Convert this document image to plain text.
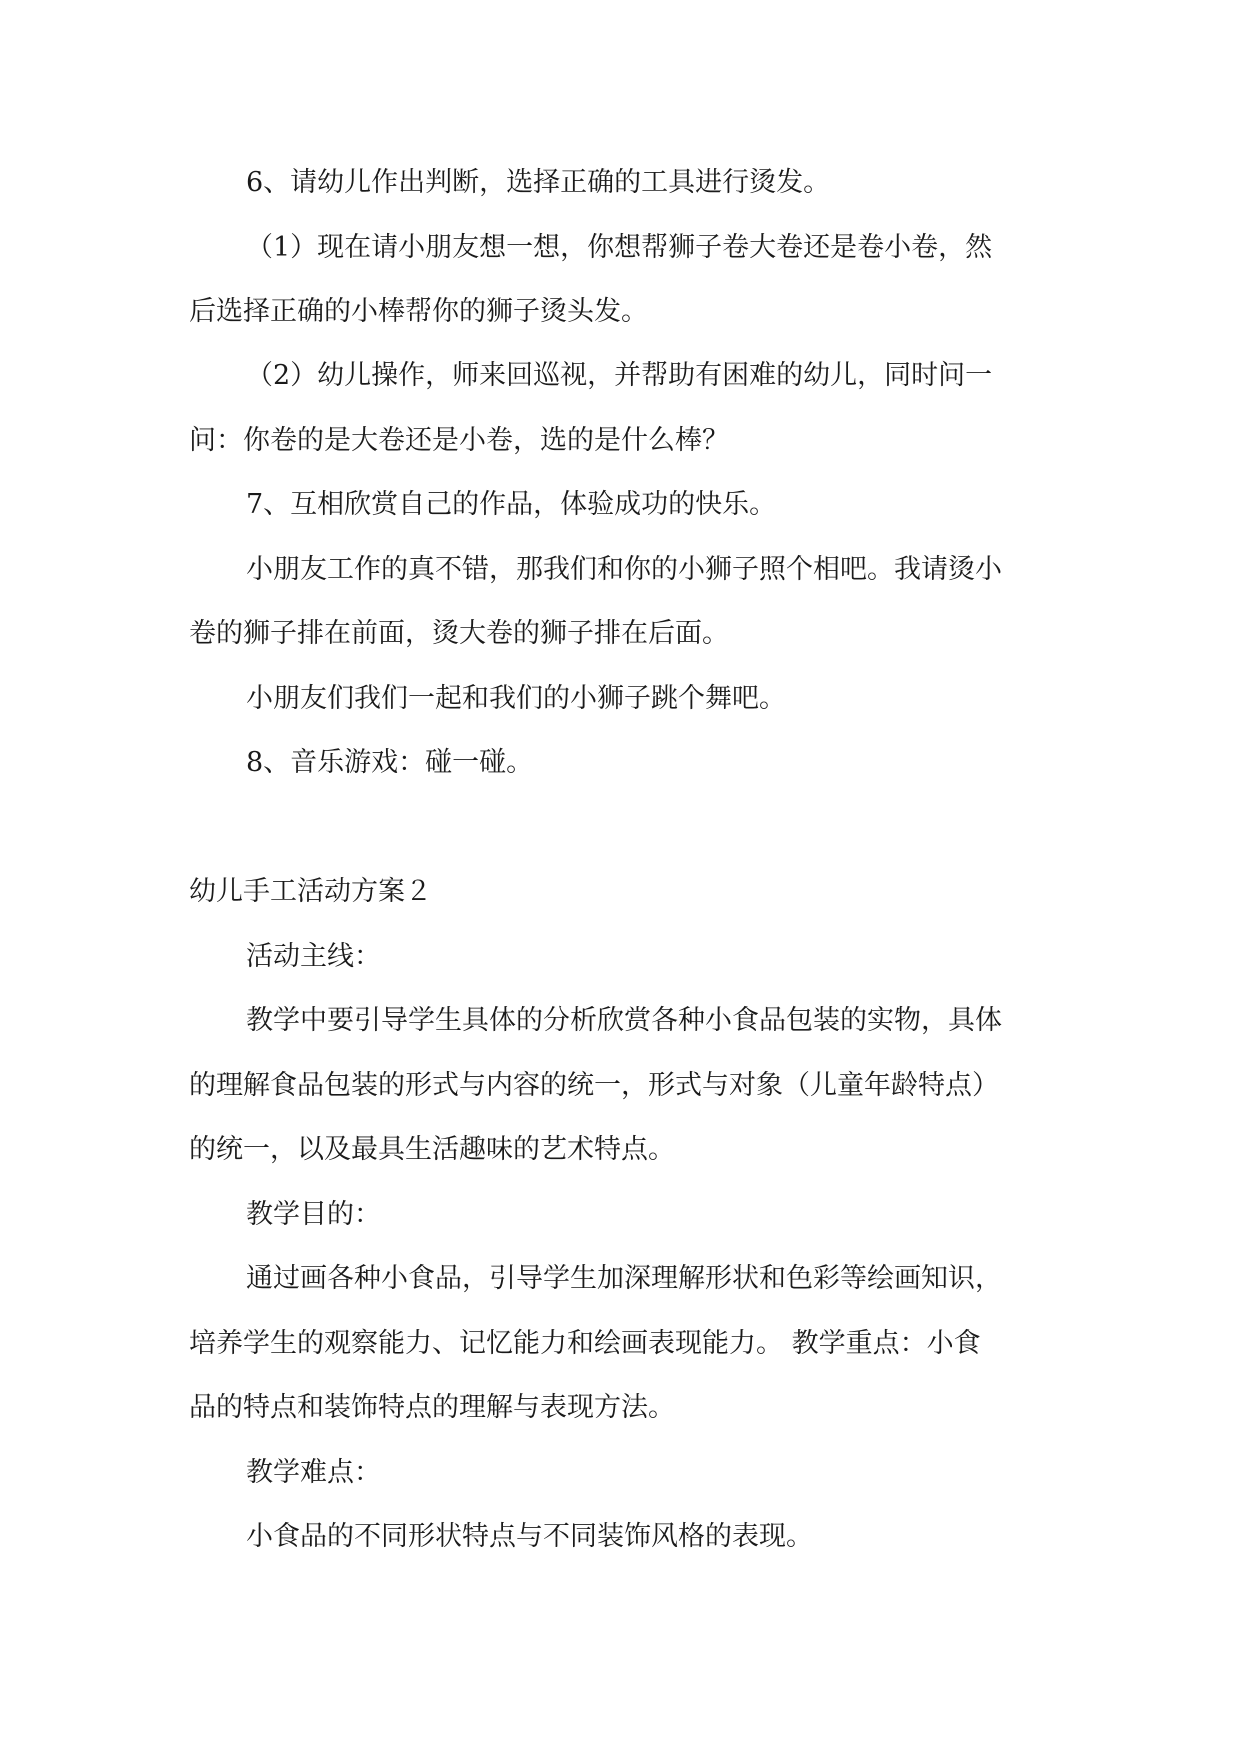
6、请幼儿作出判断，选择正确的工具进行烫发。
（1）现在请小朋友想一想，你想帮狮子卷大卷还是卷小卷，然
后选择正确的小棒帮你的狮子烫头发。
（2）幼儿操作，师来回巡视，并帮助有困难的幼儿，同时问一
问：你卷的是大卷还是小卷，选的是什么棒？
7、互相欣赏自己的作品，体验成功的快乐。
小朋友工作的真不错，那我们和你的小狮子照个相吧。我请烫小
卷的狮子排在前面，烫大卷的狮子排在后面。
小朋友们我们一起和我们的小狮子跳个舞吧。
8、音乐游戏：碰一碰。
幼儿手工活动方案２
活动主线：
教学中要引导学生具体的分析欣赏各种小食品包装的实物，具体
的理解食品包装的形式与内容的统一，形式与对象（儿童年龄特点）
的统一，以及最具生活趣味的艺术特点。
教学目的：
通过画各种小食品，引导学生加深理解形状和色彩等绘画知识，
培养学生的观察能力、记忆能力和绘画表现能力。 教学重点：小食
品的特点和装饰特点的理解与表现方法。
教学难点：
小食品的不同形状特点与不同装饰风格的表现。
